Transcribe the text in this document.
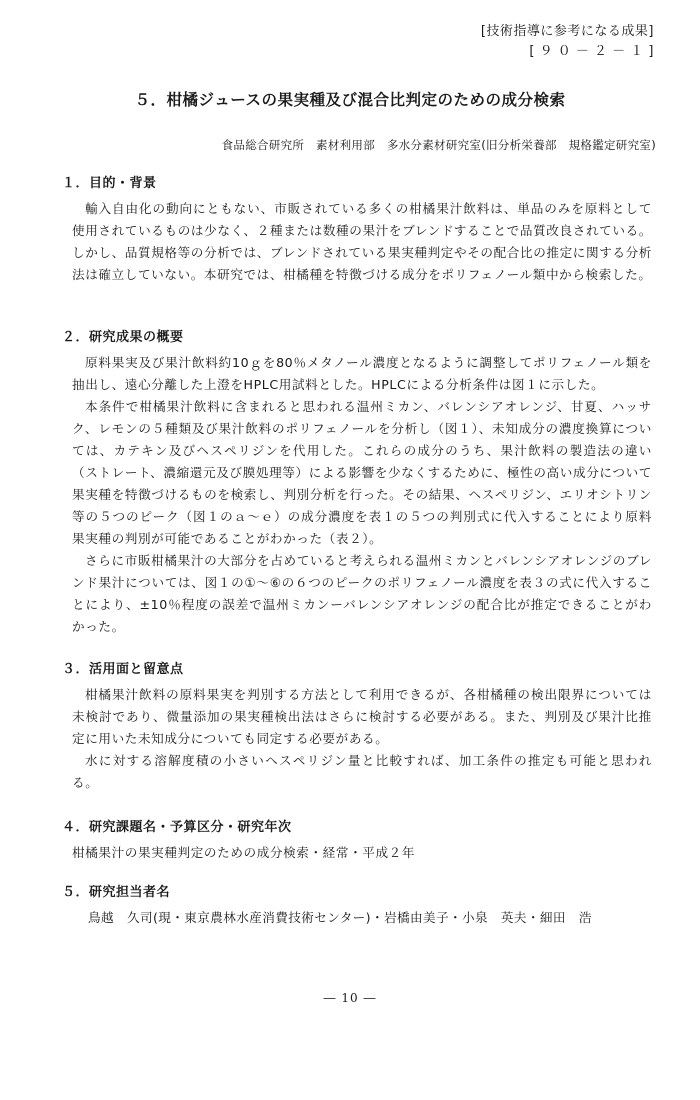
[技術指導に参考になる成果]
[ ９ ０ － ２ － １ ]
５．柑橘ジュースの果実種及び混合比判定のための成分検索
食品総合研究所　素材利用部　多水分素材研究室(旧分析栄養部　規格鑑定研究室)
１．目的・背景

輸入自由化の動向にともない、市販されている多くの柑橘果汁飲料は、単品のみを原料として使用されているものは少なく、２種または数種の果汁をブレンドすることで品質改良されている。しかし、品質規格等の分析では、ブレンドされている果実種判定やその配合比の推定に関する分析法は確立していない。本研究では、柑橘種を特徴づける成分をポリフェノール類中から検索した。

２．研究成果の概要

原料果実及び果汁飲料約10ｇを80％メタノール濃度となるように調整してポリフェノール類を抽出し、遠心分離した上澄をHPLC用試料とした。HPLCによる分析条件は図１に示した。

本条件で柑橘果汁飲料に含まれると思われる温州ミカン、バレンシアオレンジ、甘夏、ハッサク、レモンの５種類及び果汁飲料のポリフェノールを分析し（図１）、未知成分の濃度換算については、カテキン及びヘスペリジンを代用した。これらの成分のうち、果汁飲料の製造法の違い（ストレート、濃縮還元及び膜処理等）による影響を少なくするために、極性の高い成分について果実種を特徴づけるものを検索し、判別分析を行った。その結果、ヘスペリジン、エリオシトリン等の５つのピーク（図１のａ～ｅ）の成分濃度を表１の５つの判別式に代入することにより原料果実種の判別が可能であることがわかった（表２）。

さらに市販柑橘果汁の大部分を占めていると考えられる温州ミカンとバレンシアオレンジのブレンド果汁については、図１の①～⑥の６つのピークのポリフェノール濃度を表３の式に代入することにより、±10％程度の誤差で温州ミカンーバレンシアオレンジの配合比が推定できることがわかった。

３．活用面と留意点

柑橘果汁飲料の原料果実を判別する方法として利用できるが、各柑橘種の検出限界については未検討であり、微量添加の果実種検出法はさらに検討する必要がある。また、判別及び果汁比推定に用いた未知成分についても同定する必要がある。

水に対する溶解度積の小さいヘスペリジン量と比較すれば、加工条件の推定も可能と思われる。

４．研究課題名・予算区分・研究年次

柑橘果汁の果実種判定のための成分検索・経常・平成２年

５．研究担当者名

鳥越　久司(現・東京農林水産消費技術センター)・岩橋由美子・小泉　英夫・細田　浩

― 10 ―
